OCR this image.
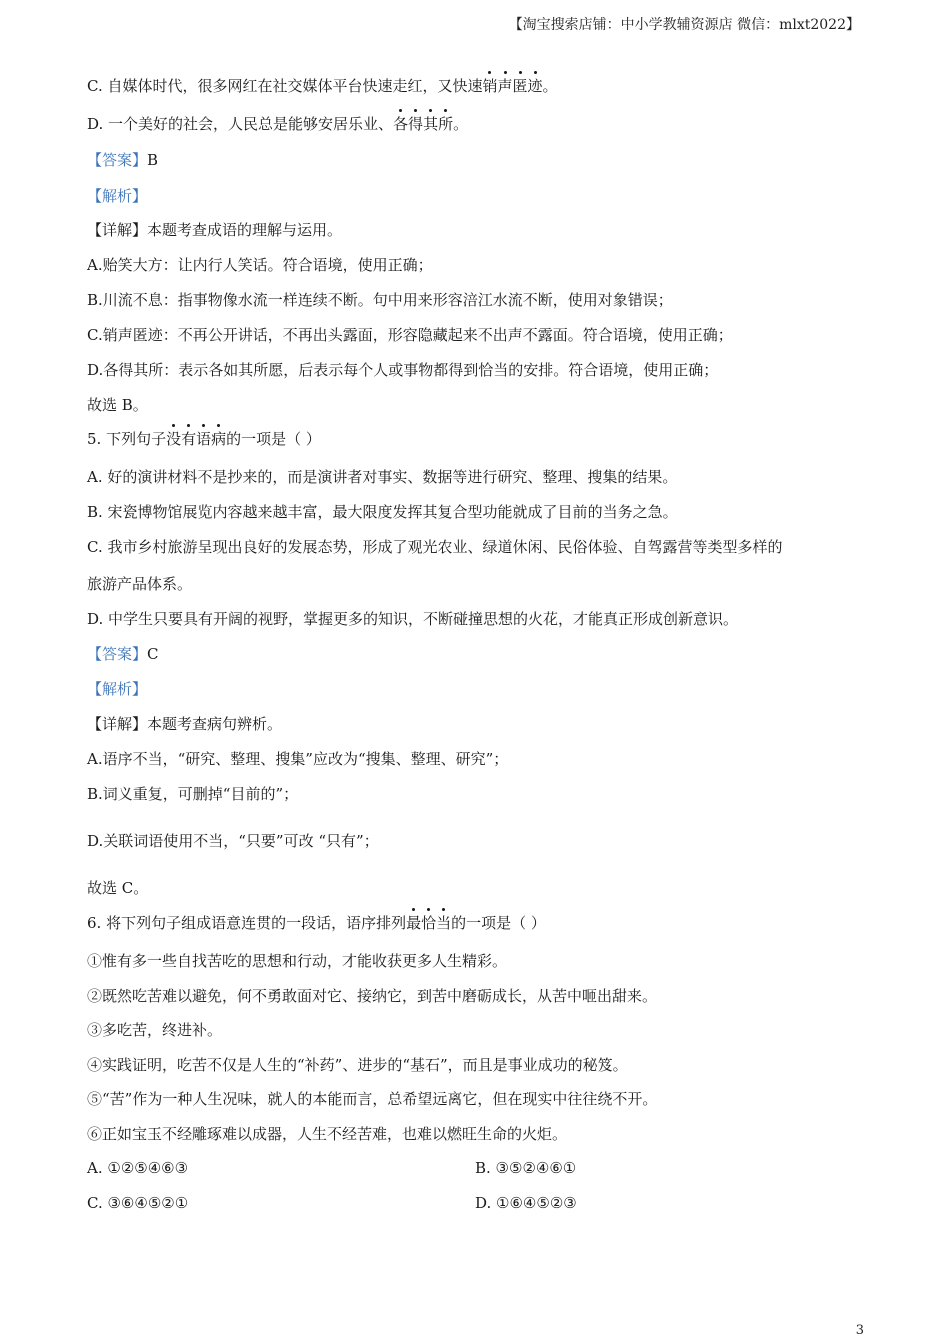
【淘宝搜索店铺：中小学教辅资源店 微信：mlxt2022】
C. 自媒体时代，很多网红在社交媒体平台快速走红，又快速销声匿迹。
D. 一个美好的社会，人民总是能够安居乐业、各得其所。
【答案】B
【解析】
【详解】本题考查成语的理解与运用。
A.贻笑大方：让内行人笑话。符合语境，使用正确；
B.川流不息：指事物像水流一样连续不断。句中用来形容涪江水流不断，使用对象错误；
C.销声匿迹：不再公开讲话，不再出头露面，形容隐藏起来不出声不露面。符合语境，使用正确；
D.各得其所：表示各如其所愿，后表示每个人或事物都得到恰当的安排。符合语境，使用正确；
故选 B。
5. 下列句子没有语病的一项是（ ）
A. 好的演讲材料不是抄来的，而是演讲者对事实、数据等进行研究、整理、搜集的结果。
B. 宋瓷博物馆展览内容越来越丰富，最大限度发挥其复合型功能就成了目前的当务之急。
C. 我市乡村旅游呈现出良好的发展态势，形成了观光农业、绿道休闲、民俗体验、自驾露营等类型多样的
旅游产品体系。
D. 中学生只要具有开阔的视野，掌握更多的知识，不断碰撞思想的火花，才能真正形成创新意识。
【答案】C
【解析】
【详解】本题考查病句辨析。
A.语序不当，“研究、整理、搜集”应改为“搜集、整理、研究”；
B.词义重复，可删掉“目前的”；
D.关联词语使用不当，“只要”可改 “只有”；
故选 C。
6. 将下列句子组成语意连贯的一段话，语序排列最恰当的一项是（ ）
①惟有多一些自找苦吃的思想和行动，才能收获更多人生精彩。
②既然吃苦难以避免，何不勇敢面对它、接纳它，到苦中磨砺成长，从苦中咂出甜来。
③多吃苦，终进补。
④实践证明，吃苦不仅是人生的“补药”、进步的“基石”，而且是事业成功的秘笈。
⑤“苦”作为一种人生况味，就人的本能而言，总希望远离它，但在现实中往往绕不开。
⑥正如宝玉不经雕琢难以成器，人生不经苦难，也难以燃旺生命的火炬。
A. ①②⑤④⑥③	B. ③⑤②④⑥①
C. ③⑥④⑤②①	D. ①⑥④⑤②③
3
